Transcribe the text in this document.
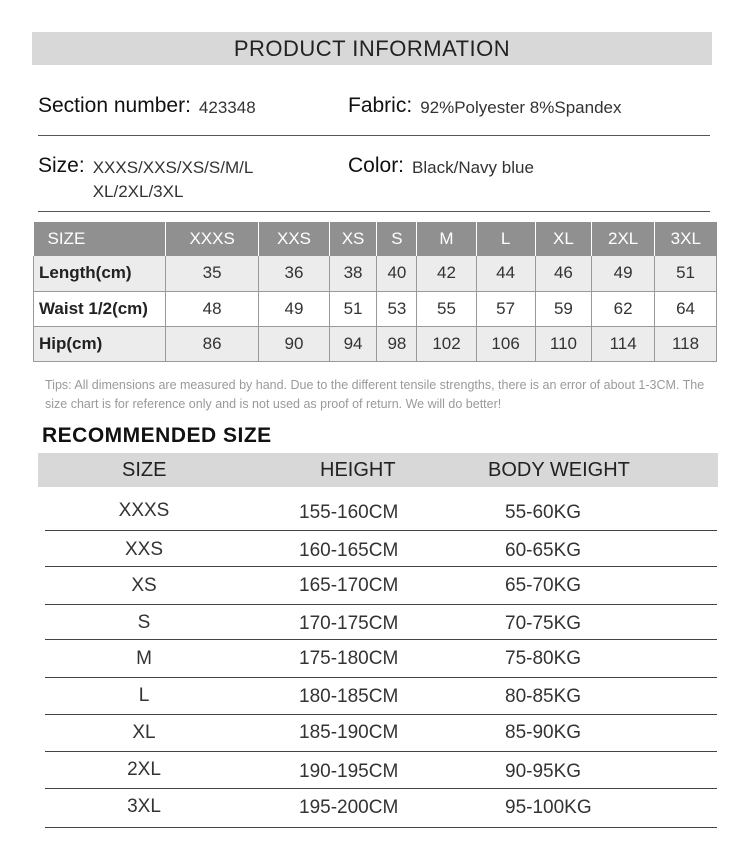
PRODUCT INFORMATION
Section number: 423348	Fabric: 92%Polyester 8%Spandex
Size: XXXS/XXS/XS/S/M/L XL/2XL/3XL
Color: Black/Navy blue
SIZE	XXXS	XXS	XS	S	M	L	XL	2XL	3XL
Length(cm)	35	36	38	40	42	44	46	49	51
Waist 1/2(cm)	48	49	51	53	55	57	59	62	64
Hip(cm)	86	90	94	98	102	106	110	114	118
Tips: All dimensions are measured by hand. Due to the different tensile strengths, there is an error of about 1-3CM. The size chart is for reference only and is not used as proof of return. We will do better!
RECOMMENDED SIZE
SIZE	HEIGHT	BODY WEIGHT
XXXS	155-160CM	55-60KG
XXS	160-165CM	60-65KG
XS	165-170CM	65-70KG
S	170-175CM	70-75KG
M	175-180CM	75-80KG
L	180-185CM	80-85KG
XL	185-190CM	85-90KG
2XL	190-195CM	90-95KG
3XL	195-200CM	95-100KG
